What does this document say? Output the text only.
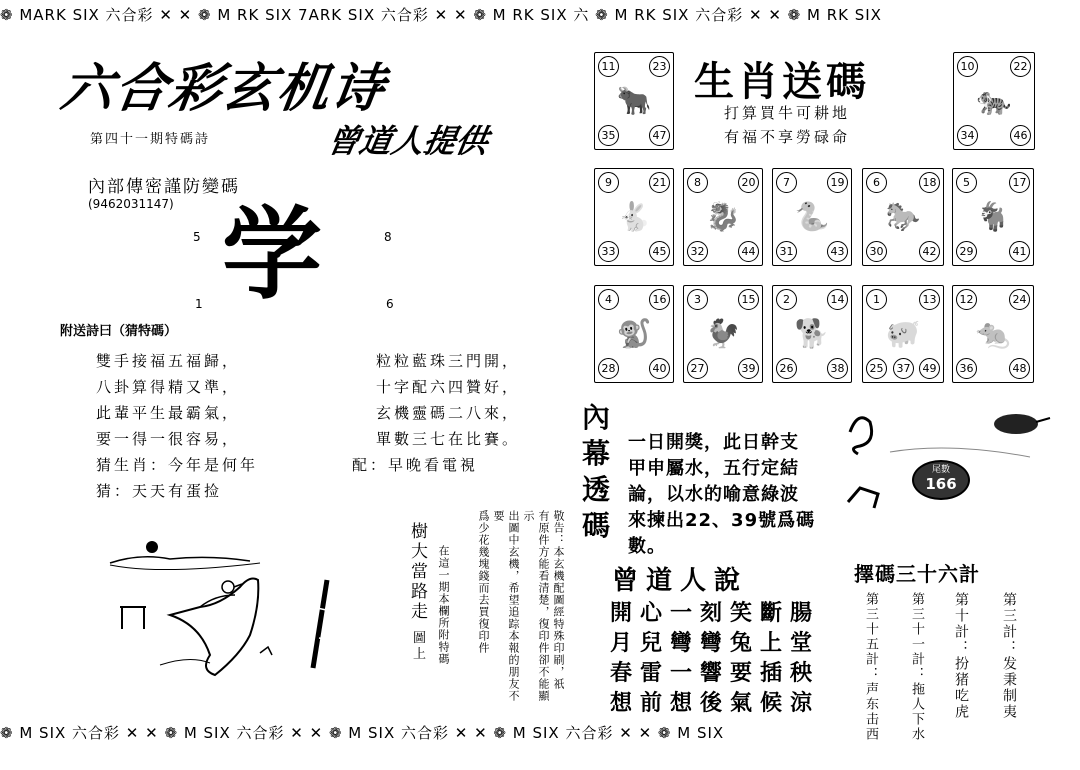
❁ MARK SIX 六合彩 ✕ ✕ ❁ M RK SIX 7ARK SIX 六合彩 ✕ ✕ ❁ M RK SIX 六 ❁ M RK SIX 六合彩 ✕ ✕ ❁ M RK SIX
❁ M SIX 六合彩 ✕ ✕ ❁ M SIX 六合彩 ✕ ✕ ❁ M SIX 六合彩 ✕ ✕ ❁ M SIX 六合彩 ✕ ✕ ❁ M SIX
六合彩玄机诗
第四十一期特碼詩	曾道人提供
內部傳密謹防變碼
(9462031147) 学
5	8
1	6
附送詩曰（猜特碼）
雙手接福五福歸，
八卦算得精又準，
此輩平生最霸氣，
要一得一很容易，
猜生肖：今年是何年
猜：天天有蛋捡
粒粒藍珠三門開，
十字配六四贊好，
玄機靈碼二八來，
單數三七在比賽。
配：早晚看電視
樹大當路走 圖上	在這一期本欄所附特碼	敬告：本玄機配圖經特殊印刷，祇
有原件方能看清楚，復印件卻不能顯示
出圖中玄機，希望追踪本報的朋友不要
爲少花幾塊錢而去買復印件
生肖送碼
打算買牛可耕地
有福不享勞碌命
🐂
11	23
35	47
🐅
10	22
34	46
🐇
9	21
33	45
🐉
8	20
32	44
🐍
7	19
31	43
🐎
6	18
30	42
🐐
5	17
29	41
🐒
4	16
28	40
🐓
3	15
27	39
🐕
2	14
26	38
🐖
1	13
25	37	49
🐀
12	24
36	48
內
幕
透
碼
一日開獎，此日幹支
甲申屬水，五行定結
論，以水的喻意綠波
來揀出22、39號爲碼
數。
尾數
166
曾道人說
開 心 一 刻 笑 斷 腸
月 兒 彎 彎 兔 上 堂
春 雷 一 響 要 插 秧
想 前 想 後 氣 候 涼
擇碼三十六計
第三計：发秉制夷
第十計：扮猪吃虎
第三十一計：拖人下水
第三十五計：声东击西
